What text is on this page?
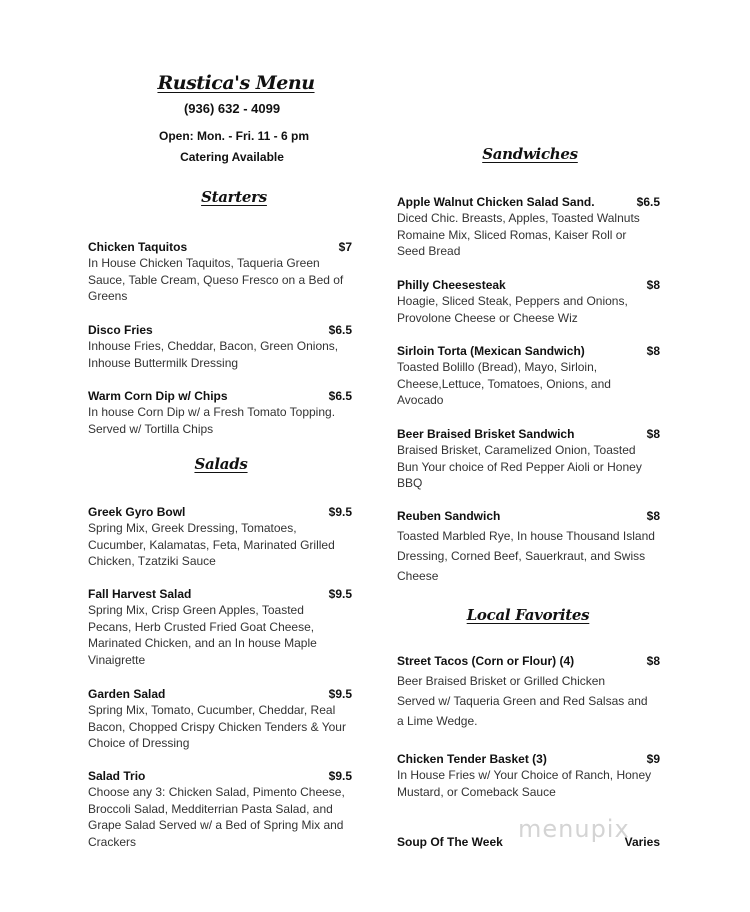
Rustica's Menu
(936) 632 - 4099
Open: Mon. - Fri. 11 - 6 pm
Catering Available
menupix
Starters
Chicken Taquitos	$7
In House Chicken Taquitos, Taqueria Green
Sauce, Table Cream, Queso Fresco on a Bed of
Greens
Disco Fries	$6.5
Inhouse Fries, Cheddar, Bacon, Green Onions,
Inhouse Buttermilk Dressing
Warm Corn Dip w/ Chips	$6.5
In house Corn Dip w/ a Fresh Tomato Topping.
Served w/ Tortilla Chips
Salads
Greek Gyro Bowl	$9.5
Spring Mix, Greek Dressing, Tomatoes,
Cucumber, Kalamatas, Feta, Marinated Grilled
Chicken, Tzatziki Sauce
Fall Harvest Salad	$9.5
Spring Mix, Crisp Green Apples, Toasted
Pecans, Herb Crusted Fried Goat Cheese,
Marinated Chicken, and an In house Maple
Vinaigrette
Garden Salad	$9.5
Spring Mix, Tomato, Cucumber, Cheddar, Real
Bacon, Chopped Crispy Chicken Tenders & Your
Choice of Dressing
Salad Trio	$9.5
Choose any 3: Chicken Salad, Pimento Cheese,
Broccoli Salad, Medditerrian Pasta Salad, and
Grape Salad Served w/ a Bed of Spring Mix and
Crackers
Sandwiches
Apple Walnut Chicken Salad Sand.	$6.5
Diced Chic. Breasts, Apples, Toasted Walnuts
Romaine Mix, Sliced Romas, Kaiser Roll or
Seed Bread
Philly Cheesesteak	$8
Hoagie, Sliced Steak, Peppers and Onions,
Provolone Cheese or Cheese Wiz
Sirloin Torta (Mexican Sandwich)	$8
Toasted Bolillo (Bread), Mayo, Sirloin,
Cheese,Lettuce, Tomatoes, Onions, and
Avocado
Beer Braised Brisket Sandwich	$8
Braised Brisket, Caramelized Onion, Toasted
Bun Your choice of Red Pepper Aioli or Honey
BBQ
Reuben Sandwich	$8
Toasted Marbled Rye, In house Thousand Island
Dressing, Corned Beef, Sauerkraut, and Swiss
Cheese
Local Favorites
Street Tacos (Corn or Flour) (4)	$8
Beer Braised Brisket or Grilled Chicken
Served w/ Taqueria Green and Red Salsas and
a Lime Wedge.
Chicken Tender Basket (3)	$9
In House Fries w/ Your Choice of Ranch, Honey
Mustard, or Comeback Sauce
Soup Of The Week	Varies
